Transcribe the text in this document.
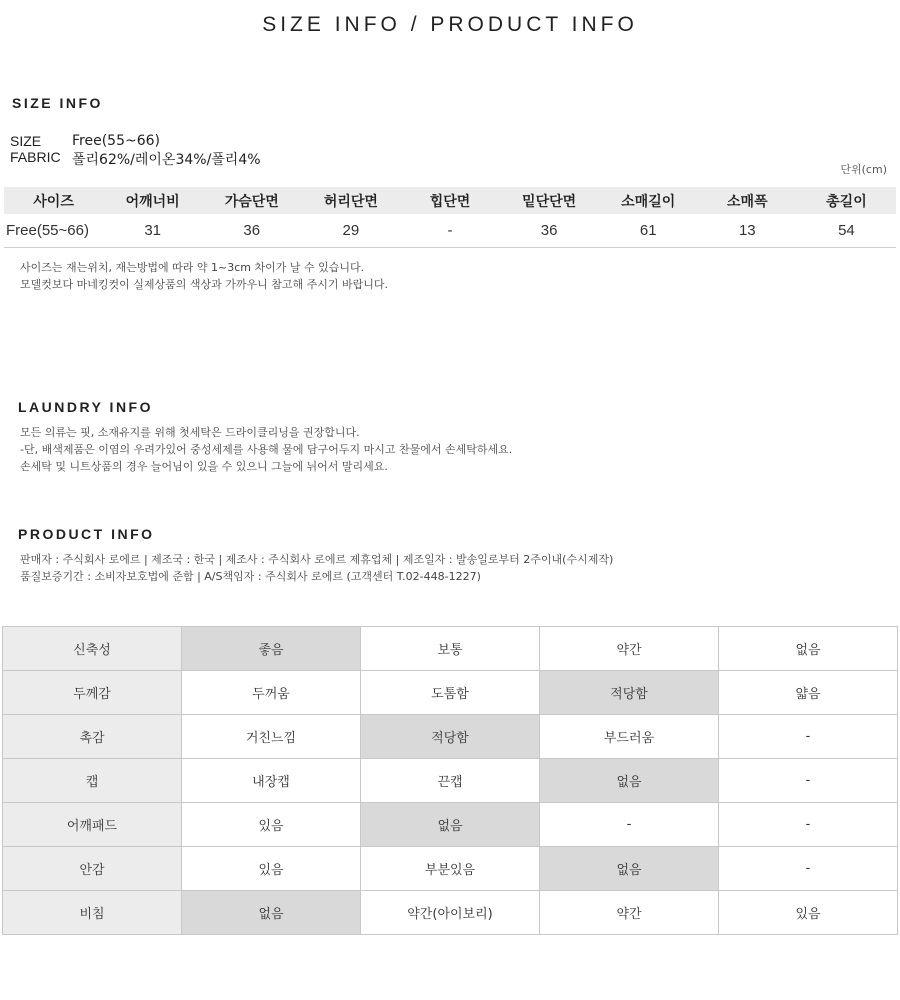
SIZE INFO / PRODUCT INFO
SIZE INFO
SIZE Free(55~66)
FABRIC 폴리62%/레이온34%/폴리4%
단위(cm)
사이즈	어깨너비	가슴단면	허리단면	힙단면	밑단단면	소매길이	소매폭	총길이
Free(55~66)	31	36	29	-	36	61	13	54
사이즈는 재는위치, 재는방법에 따라 약 1~3cm 차이가 날 수 있습니다.
모델컷보다 마네킹컷이 실제상품의 색상과 가까우니 참고해 주시기 바랍니다.
LAUNDRY INFO
모든 의류는 핏, 소재유지를 위해 첫세탁은 드라이클리닝을 권장합니다.
-단, 배색제품은 이염의 우려가있어 중성세제를 사용해 물에 담구어두지 마시고 찬물에서 손세탁하세요.
손세탁 및 니트상품의 경우 늘어님이 있을 수 있으니 그늘에 뉘어서 말리세요.
PRODUCT INFO
판매자 : 주식회사 로에르 | 제조국 : 한국 | 제조사 : 주식회사 로에르 제휴업체 | 제조일자 : 발송일로부터 2주이내(수시제작)
품질보증기간 : 소비자보호법에 준함 | A/S책임자 : 주식회사 로에르 (고객센터 T.02-448-1227)
신축성	좋음	보통	약간	없음
두께감	두꺼움	도톰함	적당함	얇음
촉감	거친느낌	적당함	부드러움	-
캡	내장캡	끈캡	없음	-
어깨패드	있음	없음	-	-
안감	있음	부분있음	없음	-
비침	없음	약간(아이보리)	약간	있음
